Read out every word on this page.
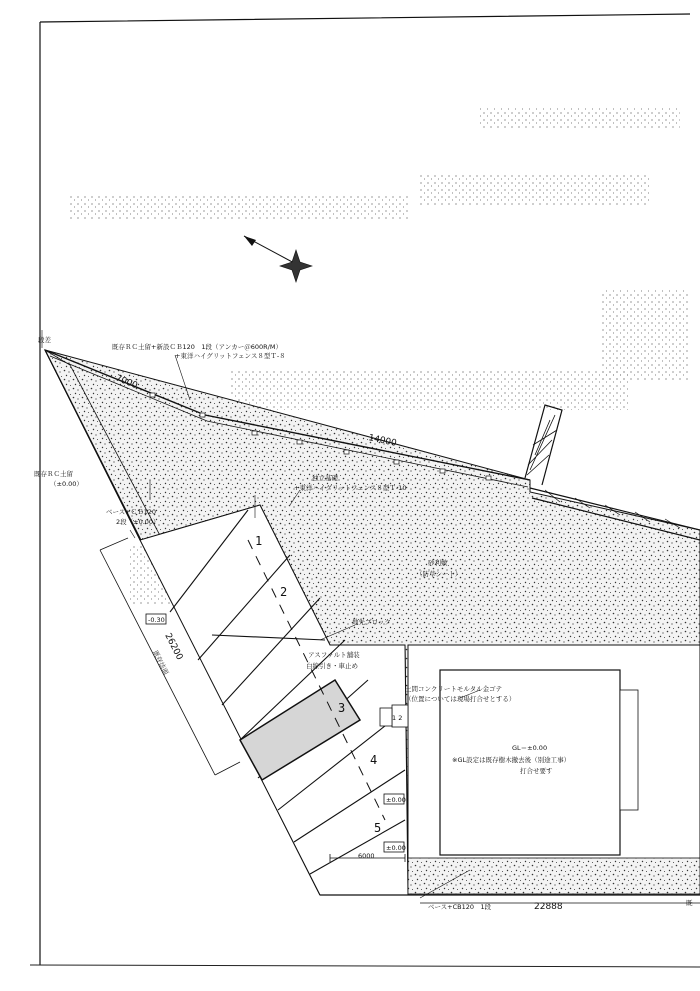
段差
既存ＲＣ土留+新設ＣＢ120　1段（アンカー＠600R/M）
+東洋ハイグリットフェンス８型Ｔ-８
7000
14000
既存ＲＣ土留
（±0.00）
ベース+ＣＢ120
2段（±0.00）
独立基礎
+東洋ハイグリットフェンス８型Ｔ-10
砂利敷
（防草シート）
地先ブロック
アスファルト舗装
白線引き・車止め
土間コンクリートモルタル金ゴテ
（位置については現場打合せとする）
GL＝±0.00
※GL設定は既存樹木撤去後（別途工事）
打合せ要す
26200
既存法面
-0.30
±0.00
±0.00
1 2
6000
1
2
3
4
5
ベース+CB120　1段	22888	既
